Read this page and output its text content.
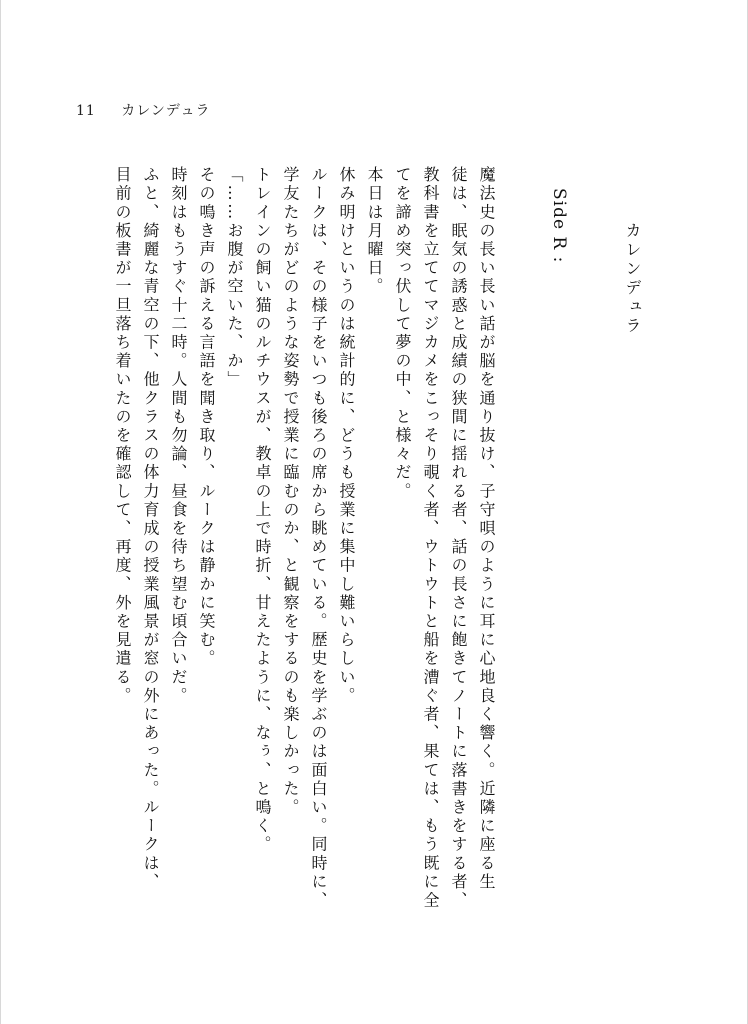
11 カレンデュラ
カレンデュラ
Side R :

魔法史の長い長い話が脳を通り抜け、子守唄のように耳に心地良く響く。近隣に座る生

徒は、眠気の誘惑と成績の狭間に揺れる者、話の長さに飽きてノートに落書きをする者、

教科書を立ててマジカメをこっそり覗く者、ウトウトと船を漕ぐ者、果ては、もう既に全

てを諦め突っ伏して夢の中、と様々だ。

本日は月曜日。

休み明けというのは統計的に、どうも授業に集中し難いらしい。

ルークは、その様子をいつも後ろの席から眺めている。歴史を学ぶのは面白い。同時に、

学友たちがどのような姿勢で授業に臨むのか、と観察をするのも楽しかった。

トレインの飼い猫のルチウスが、教卓の上で時折、甘えたように、なぅ、と鳴く。

「……お腹が空いた、か」

その鳴き声の訴える言語を聞き取り、ルークは静かに笑む。

時刻はもうすぐ十二時。人間も勿論、昼食を待ち望む頃合いだ。

ふと、綺麗な青空の下、他クラスの体力育成の授業風景が窓の外にあった。ルークは、

目前の板書が一旦落ち着いたのを確認して、再度、外を見遣る。
